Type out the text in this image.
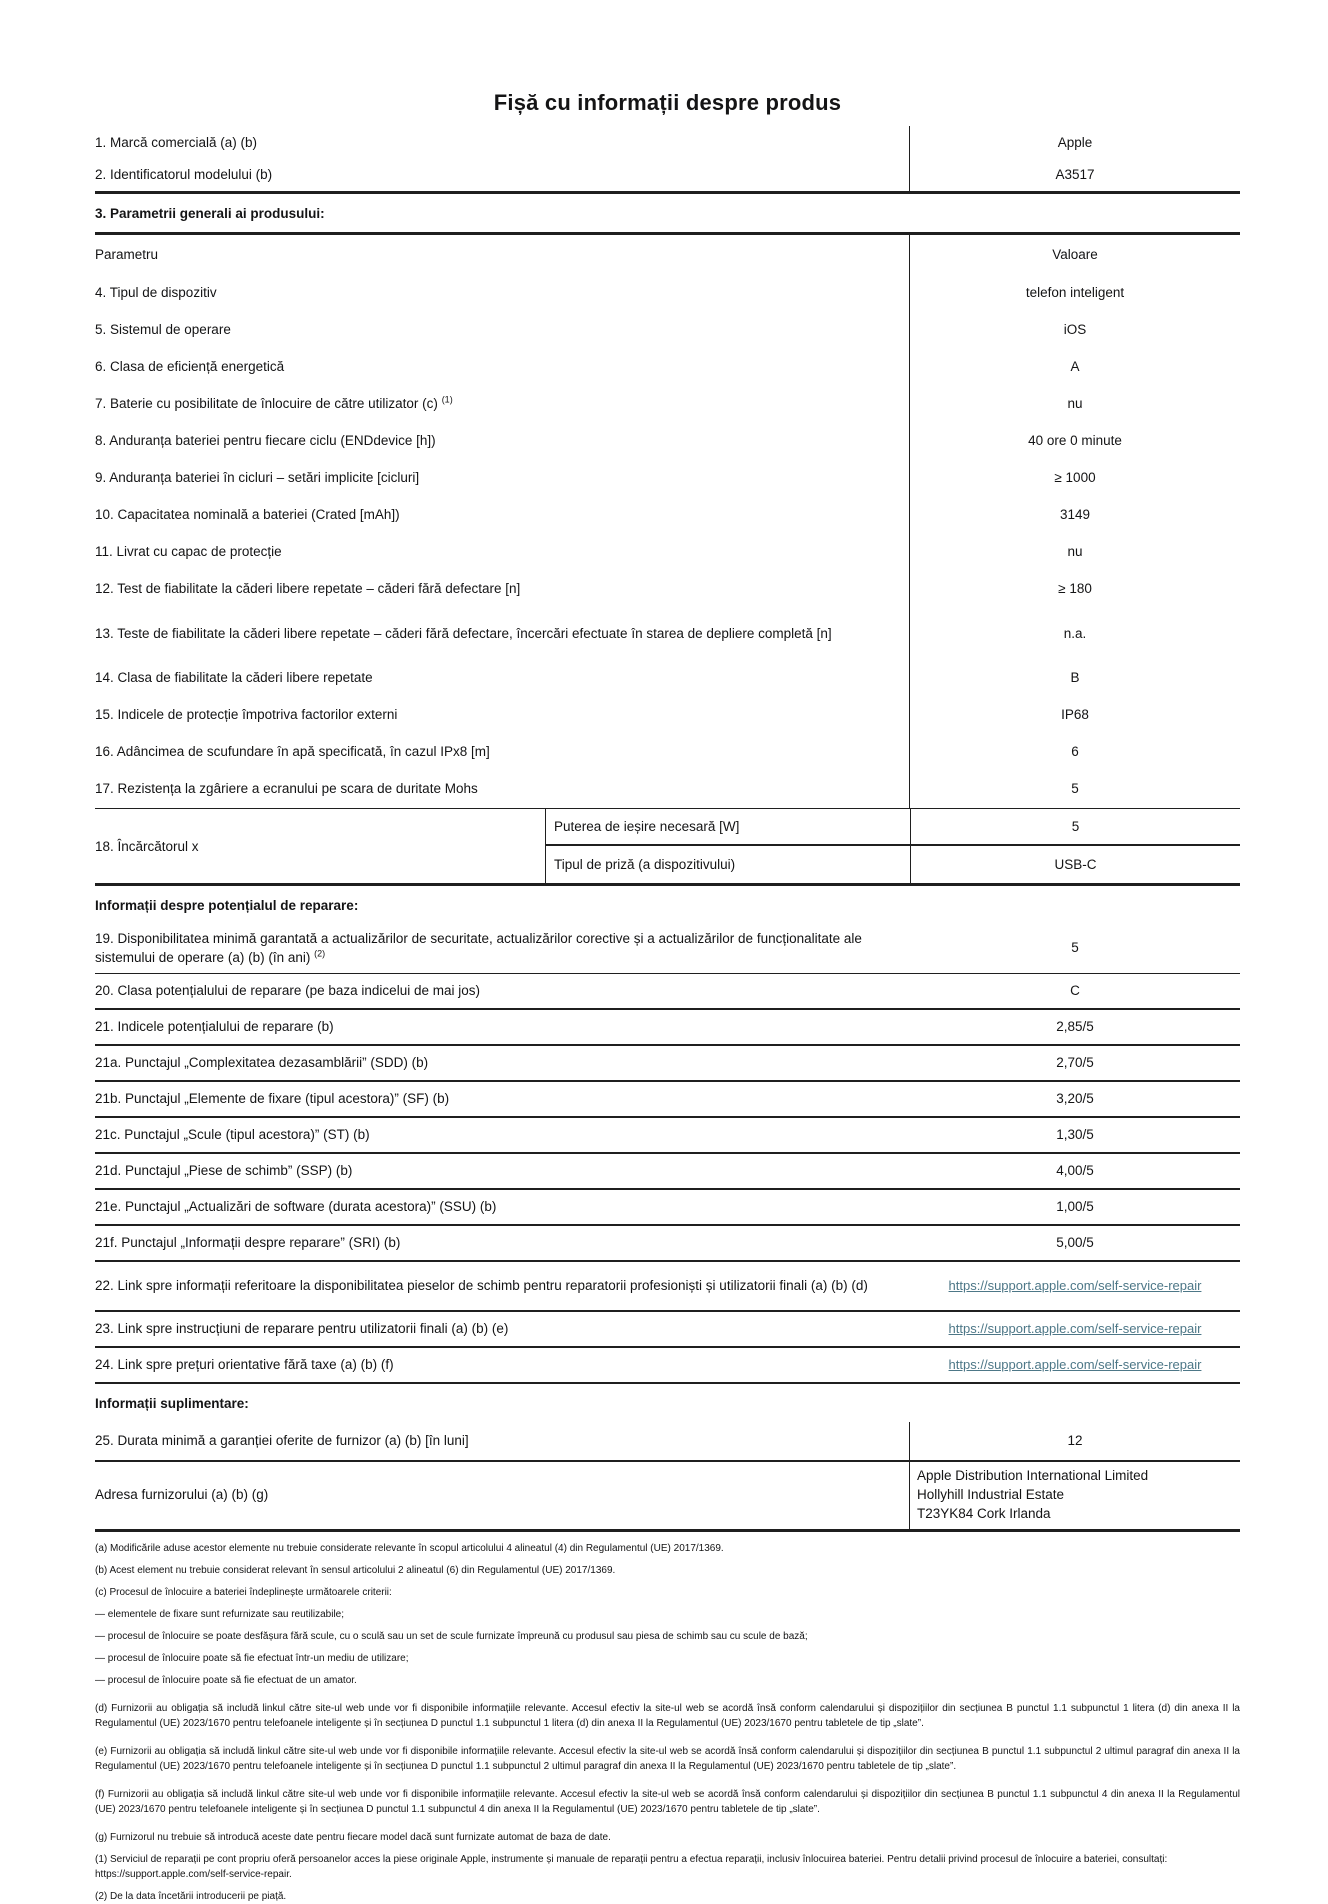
Fișă cu informații despre produs
1. Marcă comercială (a) (b)	Apple
2. Identificatorul modelului (b)	A3517
3. Parametrii generali ai produsului:
Parametru	Valoare
4. Tipul de dispozitiv	telefon inteligent
5. Sistemul de operare	iOS
6. Clasa de eficiență energetică	A
7. Baterie cu posibilitate de înlocuire de către utilizator (c) $^{(1)}$	nu
8. Anduranța bateriei pentru fiecare ciclu (ENDdevice [h])	40 ore 0 minute
9. Anduranța bateriei în cicluri – setări implicite [cicluri]	≥ 1000
10. Capacitatea nominală a bateriei (Crated [mAh])	3149
11. Livrat cu capac de protecție	nu
12. Test de fiabilitate la căderi libere repetate – căderi fără defectare [n]	≥ 180
13. Teste de fiabilitate la căderi libere repetate – căderi fără defectare, încercări efectuate în starea de depliere completă [n]	n.a.
14. Clasa de fiabilitate la căderi libere repetate	B
15. Indicele de protecție împotriva factorilor externi	IP68
16. Adâncimea de scufundare în apă specificată, în cazul IPx8 [m]	6
17. Rezistența la zgâriere a ecranului pe scara de duritate Mohs	5
18. Încărcătorul x
Puterea de ieșire necesară [W]	5
Tipul de priză (a dispozitivului)	USB-C
Informații despre potențialul de reparare:
19. Disponibilitatea minimă garantată a actualizărilor de securitate, actualizărilor corective și a actualizărilor de funcționalitate ale sistemului de operare (a) (b) (în ani) $^{(2)}$	5
20. Clasa potențialului de reparare (pe baza indicelui de mai jos)	C
21. Indicele potențialului de reparare (b)	2,85/5
21a. Punctajul „Complexitatea dezasamblării” (SDD) (b)	2,70/5
21b. Punctajul „Elemente de fixare (tipul acestora)” (SF) (b)	3,20/5
21c. Punctajul „Scule (tipul acestora)” (ST) (b)	1,30/5
21d. Punctajul „Piese de schimb” (SSP) (b)	4,00/5
21e. Punctajul „Actualizări de software (durata acestora)” (SSU) (b)	1,00/5
21f. Punctajul „Informații despre reparare” (SRI) (b)	5,00/5
22. Link spre informații referitoare la disponibilitatea pieselor de schimb pentru reparatorii profesioniști și utilizatorii finali (a) (b) (d)	https://support.apple.com/self-service-repair
23. Link spre instrucțiuni de reparare pentru utilizatorii finali (a) (b) (e)	https://support.apple.com/self-service-repair
24. Link spre prețuri orientative fără taxe (a) (b) (f)	https://support.apple.com/self-service-repair
Informații suplimentare:
25. Durata minimă a garanției oferite de furnizor (a) (b) [în luni]	12
Adresa furnizorului (a) (b) (g)
Apple Distribution International Limited
Hollyhill Industrial Estate
T23YK84 Cork Irlanda
(a) Modificările aduse acestor elemente nu trebuie considerate relevante în scopul articolului 4 alineatul (4) din Regulamentul (UE) 2017/1369.
(b) Acest element nu trebuie considerat relevant în sensul articolului 2 alineatul (6) din Regulamentul (UE) 2017/1369.
(c) Procesul de înlocuire a bateriei îndeplinește următoarele criterii:
— elementele de fixare sunt refurnizate sau reutilizabile;
— procesul de înlocuire se poate desfășura fără scule, cu o sculă sau un set de scule furnizate împreună cu produsul sau piesa de schimb sau cu scule de bază;
— procesul de înlocuire poate să fie efectuat într-un mediu de utilizare;
— procesul de înlocuire poate să fie efectuat de un amator.
(d) Furnizorii au obligația să includă linkul către site-ul web unde vor fi disponibile informațiile relevante. Accesul efectiv la site-ul web se acordă însă conform calendarului și dispozițiilor din secțiunea B punctul 1.1 subpunctul 1 litera (d) din anexa II la Regulamentul (UE) 2023/1670 pentru telefoanele inteligente și în secțiunea D punctul 1.1 subpunctul 1 litera (d) din anexa II la Regulamentul (UE) 2023/1670 pentru tabletele de tip „slate”.
(e) Furnizorii au obligația să includă linkul către site-ul web unde vor fi disponibile informațiile relevante. Accesul efectiv la site-ul web se acordă însă conform calendarului și dispozițiilor din secțiunea B punctul 1.1 subpunctul 2 ultimul paragraf din anexa II la Regulamentul (UE) 2023/1670 pentru telefoanele inteligente și în secțiunea D punctul 1.1 subpunctul 2 ultimul paragraf din anexa II la Regulamentul (UE) 2023/1670 pentru tabletele de tip „slate”.
(f) Furnizorii au obligația să includă linkul către site-ul web unde vor fi disponibile informațiile relevante. Accesul efectiv la site-ul web se acordă însă conform calendarului și dispozițiilor din secțiunea B punctul 1.1 subpunctul 4 din anexa II la Regulamentul (UE) 2023/1670 pentru telefoanele inteligente și în secțiunea D punctul 1.1 subpunctul 4 din anexa II la Regulamentul (UE) 2023/1670 pentru tabletele de tip „slate”.
(g) Furnizorul nu trebuie să introducă aceste date pentru fiecare model dacă sunt furnizate automat de baza de date.
(1) Serviciul de reparații pe cont propriu oferă persoanelor acces la piese originale Apple, instrumente și manuale de reparații pentru a efectua reparații, inclusiv înlocuirea bateriei. Pentru detalii privind procesul de înlocuire a bateriei, consultați: https://support.apple.com/self-service-repair.
(2) De la data încetării introducerii pe piață.
